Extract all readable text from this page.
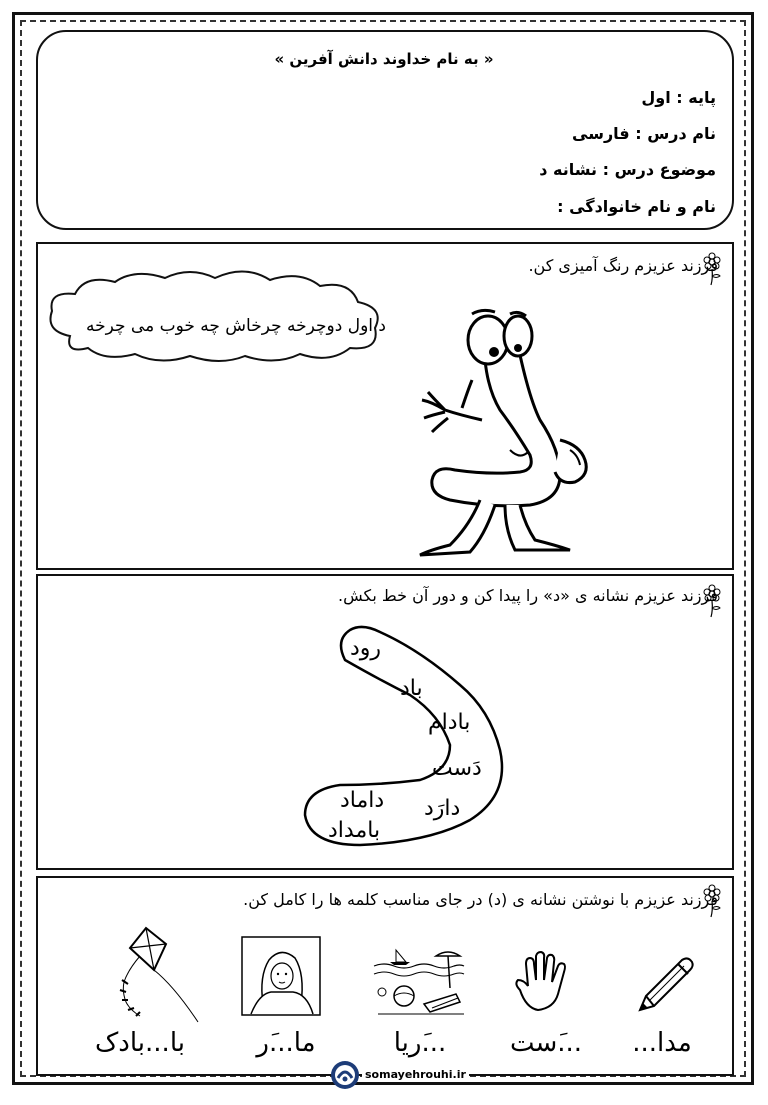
« به نام خداوند دانش آفرین »
پایه : اول
نام درس : فارسی
موضوع درس : نشانه د
نام و نام خانوادگی :
فرزند عزیزم رنگ آمیزی کن.
د اول دوچرخه چرخاش چه خوب می چرخه
فرزند عزیزم نشانه ی «د» را پیدا کن و دور آن خط بکش.
رود
باد
بادام
دَست
دارَد
داماد
بامداد
فرزند عزیزم با نوشتن نشانه ی (د) در جای مناسب کلمه ها را کامل کن.
مدا...
...َست
...َریا
ما...َر
با...بادک
somayehrouhi.ir
